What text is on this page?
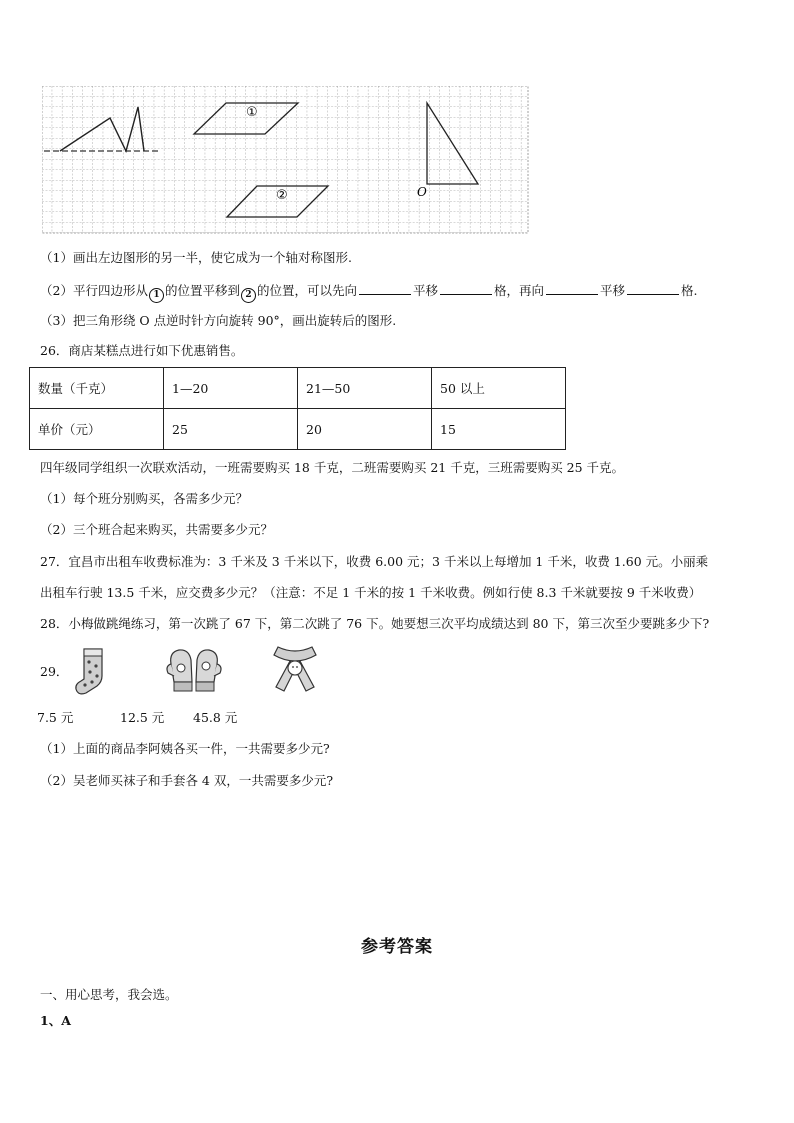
①
②	O
（1）画出左边图形的另一半，使它成为一个轴对称图形.
（2）平行四边形从 1 的位置平移到 2 的位置，可以先向	平移	格，再向	平移	格.
（3）把三角形绕 O 点逆时针方向旋转 90°，画出旋转后的图形.
26．商店某糕点进行如下优惠销售。
数量（千克）	1—20	21—50	50 以上
单价（元）	25	20	15
四年级同学组织一次联欢活动，一班需要购买 18 千克，二班需要购买 21 千克，三班需要购买 25 千克。
（1）每个班分别购买，各需多少元？
（2）三个班合起来购买，共需要多少元？
27．宜昌市出租车收费标准为：3 千米及 3 千米以下，收费 6.00 元；3 千米以上每增加 1 千米，收费 1.60 元。小丽乘
出租车行驶 13.5 千米，应交费多少元？（注意：不足 1 千米的按 1 千米收费。例如行使 8.3 千米就要按 9 千米收费）
28．小梅做跳绳练习，第一次跳了 67 下，第二次跳了 76 下。她要想三次平均成绩达到 80 下，第三次至少要跳多少下?
29．
7.5 元	12.5 元 45.8 元
（1）上面的商品李阿姨各买一件，一共需要多少元?
（2）吴老师买袜子和手套各 4 双，一共需要多少元?
参考答案
一、用心思考，我会选。
1、A
